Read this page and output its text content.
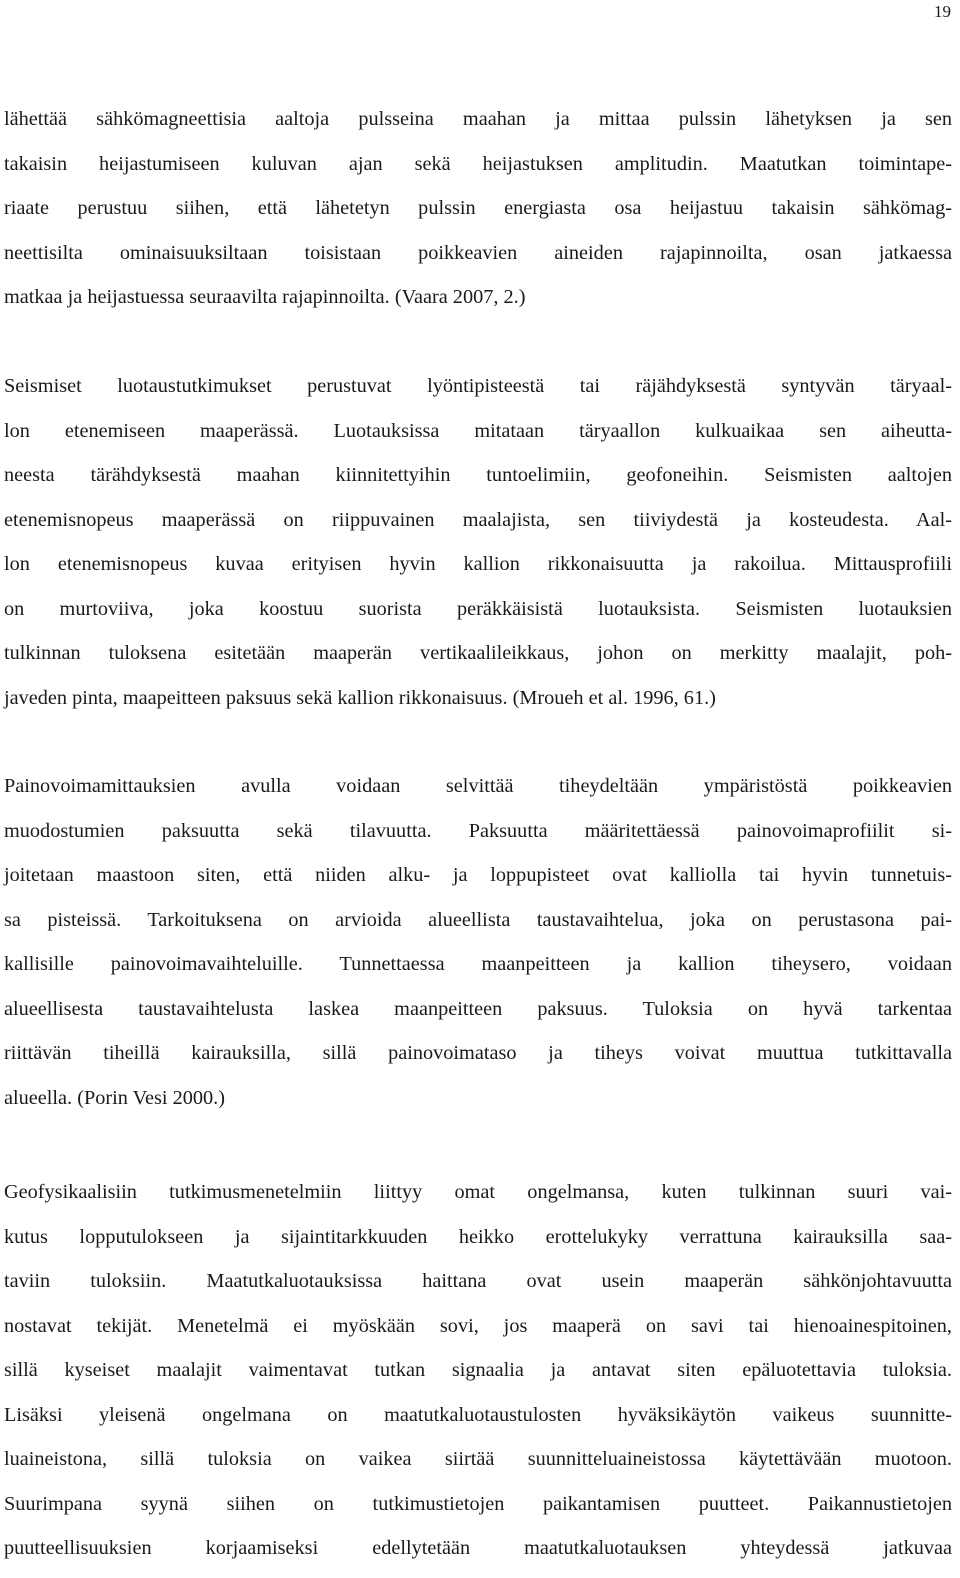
19
lähettää sähkömagneettisia aaltoja pulsseina maahan ja mittaa pulssin lähetyksen ja sen
takaisin heijastumiseen kuluvan ajan sekä heijastuksen amplitudin. Maatutkan toimintape-
riaate perustuu siihen, että lähetetyn pulssin energiasta osa heijastuu takaisin sähkömag-
neettisilta ominaisuuksiltaan toisistaan poikkeavien aineiden rajapinnoilta, osan jatkaessa
matkaa ja heijastuessa seuraavilta rajapinnoilta. (Vaara 2007, 2.)
Seismiset luotaustutkimukset perustuvat lyöntipisteestä tai räjähdyksestä syntyvän täryaal-
lon etenemiseen maaperässä. Luotauksissa mitataan täryaallon kulkuaikaa sen aiheutta-
neesta tärähdyksestä maahan kiinnitettyihin tuntoelimiin, geofoneihin. Seismisten aaltojen
etenemisnopeus maaperässä on riippuvainen maalajista, sen tiiviydestä ja kosteudesta. Aal-
lon etenemisnopeus kuvaa erityisen hyvin kallion rikkonaisuutta ja rakoilua. Mittausprofiili
on murtoviiva, joka koostuu suorista peräkkäisistä luotauksista. Seismisten luotauksien
tulkinnan tuloksena esitetään maaperän vertikaalileikkaus, johon on merkitty maalajit, poh-
javeden pinta, maapeitteen paksuus sekä kallion rikkonaisuus. (Mroueh et al. 1996, 61.)
Painovoimamittauksien avulla voidaan selvittää tiheydeltään ympäristöstä poikkeavien
muodostumien paksuutta sekä tilavuutta. Paksuutta määritettäessä painovoimaprofiilit si-
joitetaan maastoon siten, että niiden alku- ja loppupisteet ovat kalliolla tai hyvin tunnetuis-
sa pisteissä. Tarkoituksena on arvioida alueellista taustavaihtelua, joka on perustasona pai-
kallisille painovoimavaihteluille. Tunnettaessa maanpeitteen ja kallion tiheysero, voidaan
alueellisesta taustavaihtelusta laskea maanpeitteen paksuus. Tuloksia on hyvä tarkentaa
riittävän tiheillä kairauksilla, sillä painovoimataso ja tiheys voivat muuttua tutkittavalla
alueella. (Porin Vesi 2000.)
Geofysikaalisiin tutkimusmenetelmiin liittyy omat ongelmansa, kuten tulkinnan suuri vai-
kutus lopputulokseen ja sijaintitarkkuuden heikko erottelukyky verrattuna kairauksilla saa-
taviin tuloksiin. Maatutkaluotauksissa haittana ovat usein maaperän sähkönjohtavuutta
nostavat tekijät. Menetelmä ei myöskään sovi, jos maaperä on savi tai hienoainespitoinen,
sillä kyseiset maalajit vaimentavat tutkan signaalia ja antavat siten epäluotettavia tuloksia.
Lisäksi yleisenä ongelmana on maatutkaluotaustulosten hyväksikäytön vaikeus suunnitte-
luaineistona, sillä tuloksia on vaikea siirtää suunnitteluaineistossa käytettävään muotoon.
Suurimpana syynä siihen on tutkimustietojen paikantamisen puutteet. Paikannustietojen
puutteellisuuksien korjaamiseksi edellytetään maatutkaluotauksen yhteydessä jatkuvaa
